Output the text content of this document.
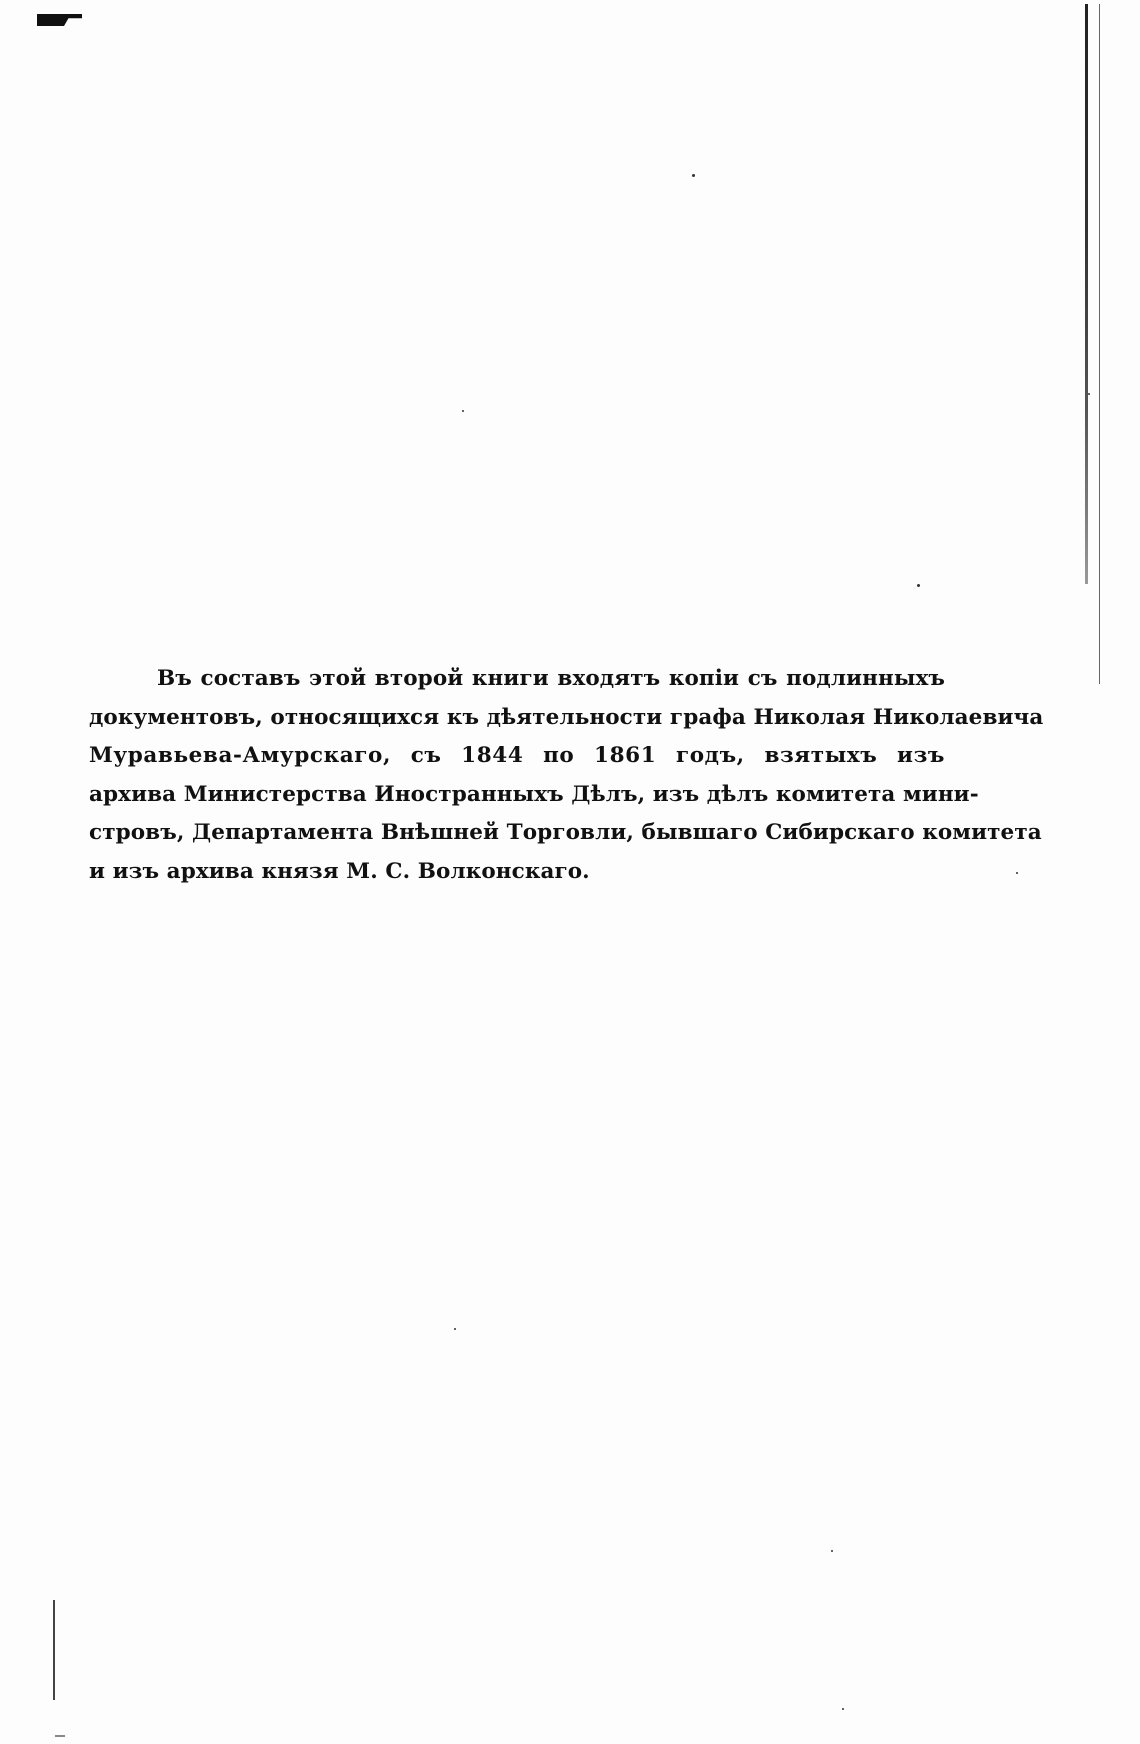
Въ составъ этой второй книги входятъ копіи съ подлинныхъ
документовъ, относящихся къ дѣятельности графа Николая Николаевича
Муравьева-Амурскаго, съ 1844 по 1861 годъ, взятыхъ изъ
архива Министерства Иностранныхъ Дѣлъ, изъ дѣлъ комитета мини-
стровъ, Департамента Внѣшней Торговли, бывшаго Сибирскаго комитета
и изъ архива князя М. С. Волконскаго.
